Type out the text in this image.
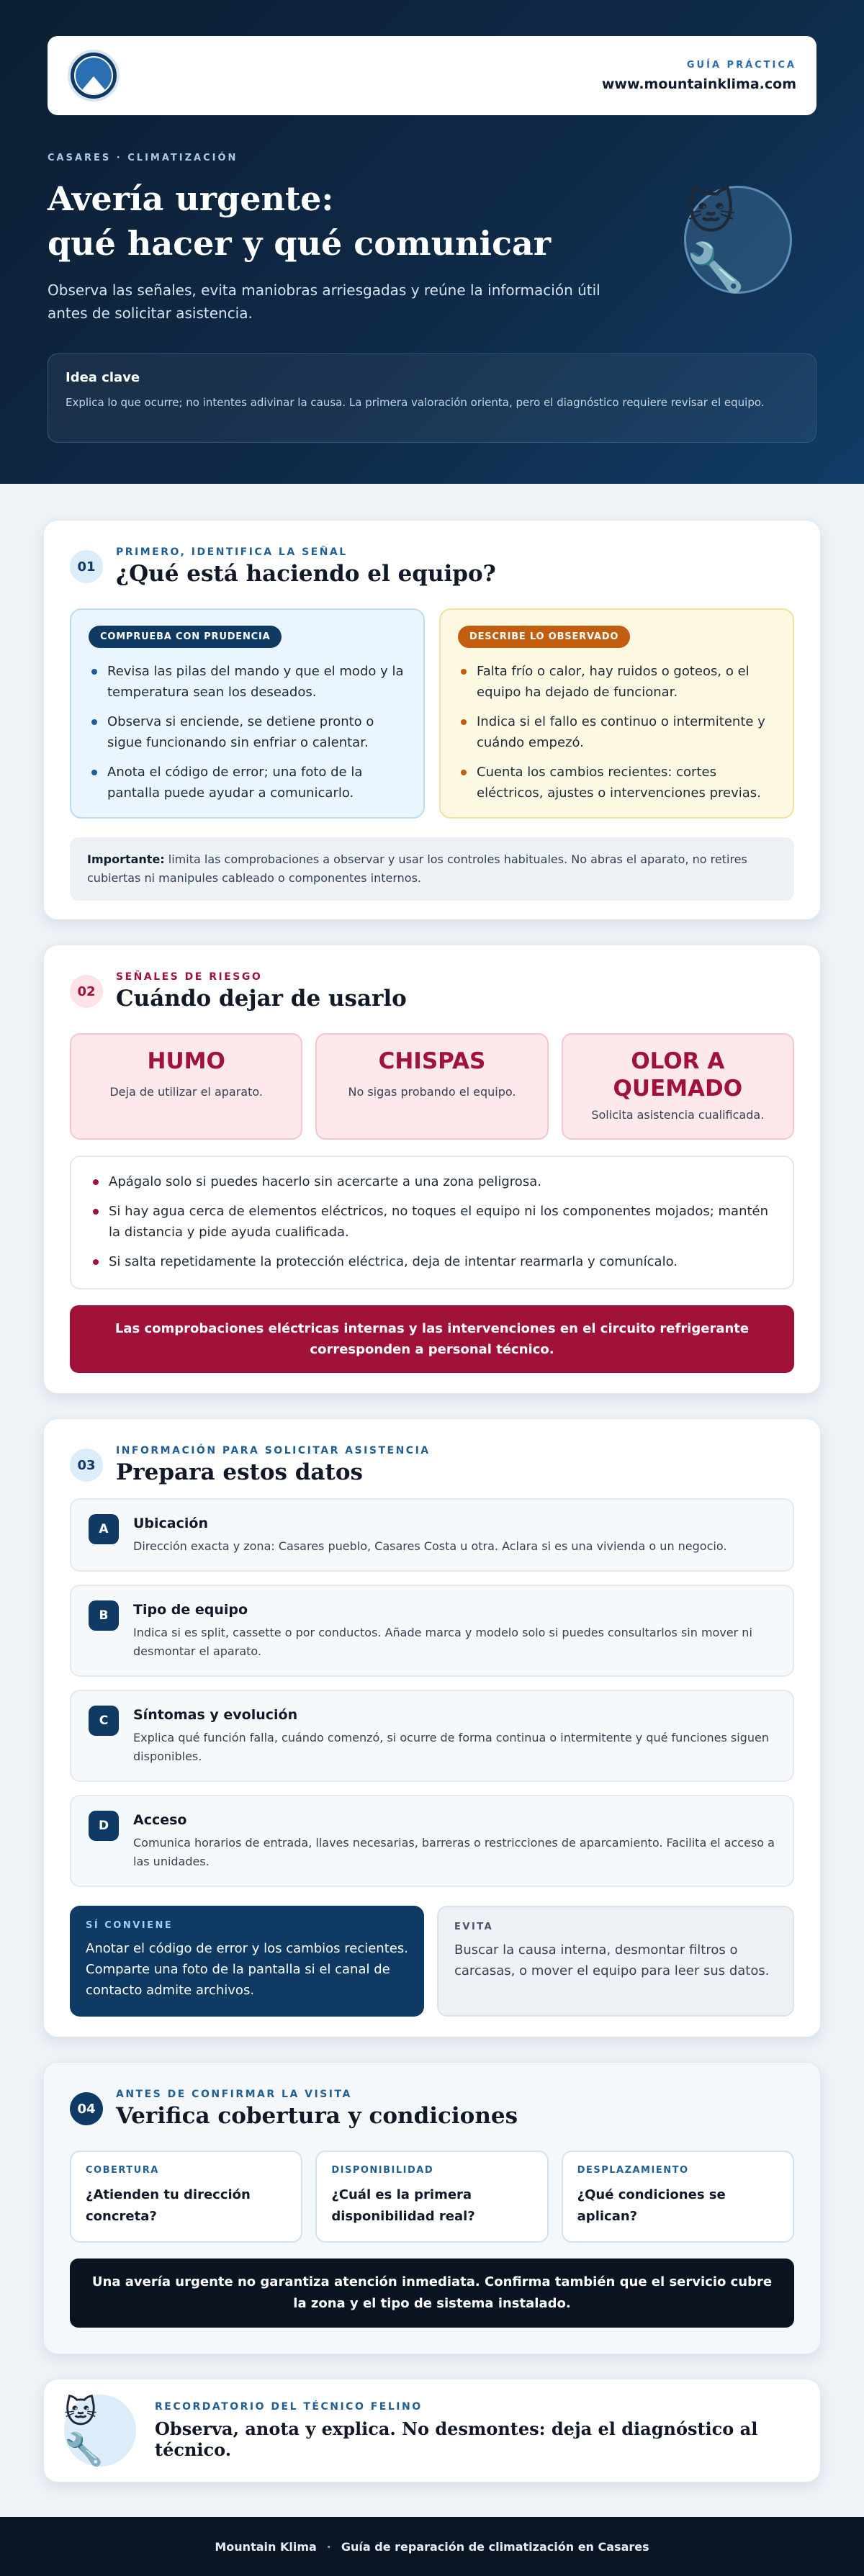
GUÍA PRÁCTICA
www.mountainklima.com
CASARES · CLIMATIZACIÓN
Avería urgente:
qué hacer y qué comunicar

Observa las señales, evita maniobras arriesgadas y reúne la información útil antes de solicitar asistencia.

🐱🔧
Idea clave
Explica lo que ocurre; no intentes adivinar la causa. La primera valoración orienta, pero el diagnóstico requiere revisar el equipo.
01
PRIMERO, IDENTIFICA LA SEÑAL
¿Qué está haciendo el equipo?
COMPRUEBA CON PRUDENCIA
Revisa las pilas del mando y que el modo y la temperatura sean los deseados.
Observa si enciende, se detiene pronto o sigue funcionando sin enfriar o calentar.
Anota el código de error; una foto de la pantalla puede ayudar a comunicarlo.
DESCRIBE LO OBSERVADO
Falta frío o calor, hay ruidos o goteos, o el equipo ha dejado de funcionar.
Indica si el fallo es continuo o intermitente y cuándo empezó.
Cuenta los cambios recientes: cortes eléctricos, ajustes o intervenciones previas.
Importante: limita las comprobaciones a observar y usar los controles habituales. No abras el aparato, no retires cubiertas ni manipules cableado o componentes internos.
02
SEÑALES DE RIESGO
Cuándo dejar de usarlo
HUMO
Deja de utilizar el aparato.
CHISPAS
No sigas probando el equipo.
OLOR A QUEMADO
Solicita asistencia cualificada.
Apágalo solo si puedes hacerlo sin acercarte a una zona peligrosa.
Si hay agua cerca de elementos eléctricos, no toques el equipo ni los componentes mojados; mantén la distancia y pide ayuda cualificada.
Si salta repetidamente la protección eléctrica, deja de intentar rearmarla y comunícalo.
Las comprobaciones eléctricas internas y las intervenciones en el circuito refrigerante corresponden a personal técnico.
03
INFORMACIÓN PARA SOLICITAR ASISTENCIA
Prepara estos datos
A	Ubicación
Dirección exacta y zona: Casares pueblo, Casares Costa u otra. Aclara si es una vivienda o un negocio.
B	Tipo de equipo
Indica si es split, cassette o por conductos. Añade marca y modelo solo si puedes consultarlos sin mover ni desmontar el aparato.
C	Síntomas y evolución
Explica qué función falla, cuándo comenzó, si ocurre de forma continua o intermitente y qué funciones siguen disponibles.
D	Acceso
Comunica horarios de entrada, llaves necesarias, barreras o restricciones de aparcamiento. Facilita el acceso a las unidades.
SÍ CONVIENE
Anotar el código de error y los cambios recientes. Comparte una foto de la pantalla si el canal de contacto admite archivos.
EVITA
Buscar la causa interna, desmontar filtros o carcasas, o mover el equipo para leer sus datos.
04
ANTES DE CONFIRMAR LA VISITA
Verifica cobertura y condiciones
COBERTURA
¿Atienden tu dirección concreta?
DISPONIBILIDAD
¿Cuál es la primera disponibilidad real?
DESPLAZAMIENTO
¿Qué condiciones se aplican?
Una avería urgente no garantiza atención inmediata. Confirma también que el servicio cubre la zona y el tipo de sistema instalado.
🐱🔧
RECORDATORIO DEL TÉCNICO FELINO
Observa, anota y explica. No desmontes: deja el diagnóstico al técnico.
Mountain Klima · Guía de reparación de climatización en Casares
